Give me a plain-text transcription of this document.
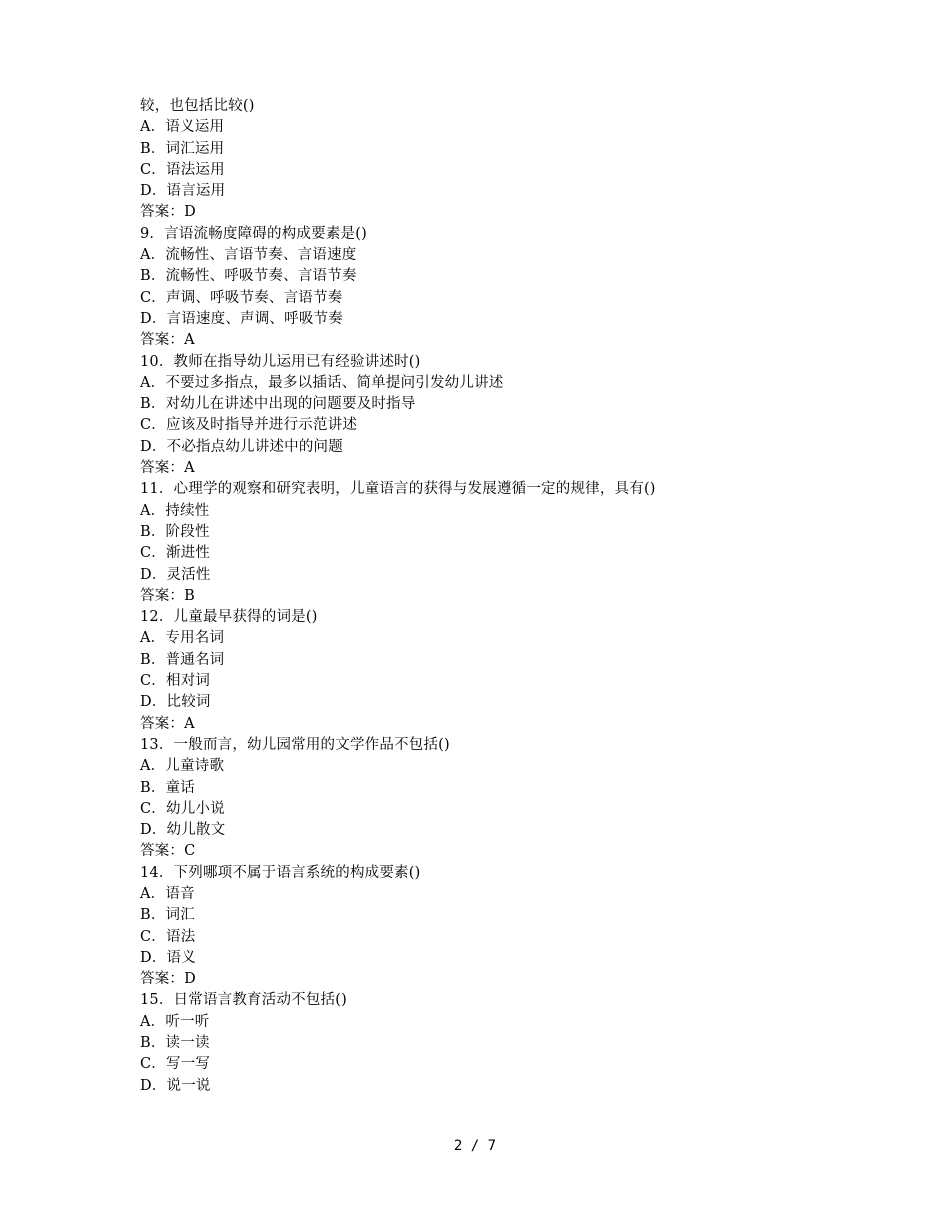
较，也包括比较()
A．语义运用
B．词汇运用
C．语法运用
D．语言运用
答案：D
9．言语流畅度障碍的构成要素是()
A．流畅性、言语节奏、言语速度
B．流畅性、呼吸节奏、言语节奏
C．声调、呼吸节奏、言语节奏
D．言语速度、声调、呼吸节奏
答案：A
10．教师在指导幼儿运用已有经验讲述时()
A．不要过多指点，最多以插话、简单提问引发幼儿讲述
B．对幼儿在讲述中出现的问题要及时指导
C．应该及时指导并进行示范讲述
D．不必指点幼儿讲述中的问题
答案：A
11．心理学的观察和研究表明，儿童语言的获得与发展遵循一定的规律，具有()
A．持续性
B．阶段性
C．渐进性
D．灵活性
答案：B
12．儿童最早获得的词是()
A．专用名词
B．普通名词
C．相对词
D．比较词
答案：A
13．一般而言，幼儿园常用的文学作品不包括()
A．儿童诗歌
B．童话
C．幼儿小说
D．幼儿散文
答案：C
14．下列哪项不属于语言系统的构成要素()
A．语音
B．词汇
C．语法
D．语义
答案：D
15．日常语言教育活动不包括()
A．听一听
B．读一读
C．写一写
D．说一说
2 / 7
